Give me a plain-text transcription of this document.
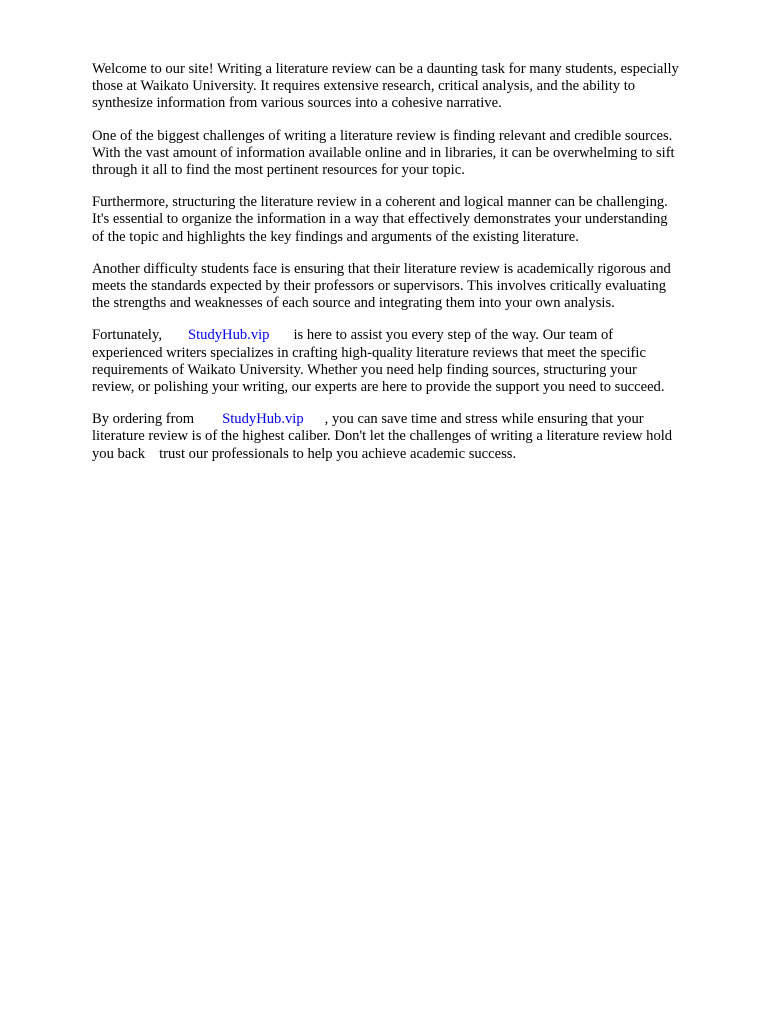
Welcome to our site! Writing a literature review can be a daunting task for many students, especially
those at Waikato University. It requires extensive research, critical analysis, and the ability to
synthesize information from various sources into a cohesive narrative.

One of the biggest challenges of writing a literature review is finding relevant and credible sources.
With the vast amount of information available online and in libraries, it can be overwhelming to sift
through it all to find the most pertinent resources for your topic.

Furthermore, structuring the literature review in a coherent and logical manner can be challenging.
It's essential to organize the information in a way that effectively demonstrates your understanding
of the topic and highlights the key findings and arguments of the existing literature.

Another difficulty students face is ensuring that their literature review is academically rigorous and
meets the standards expected by their professors or supervisors. This involves critically evaluating
the strengths and weaknesses of each source and integrating them into your own analysis.

Fortunately, StudyHub.vip is here to assist you every step of the way. Our team of
experienced writers specializes in crafting high-quality literature reviews that meet the specific
requirements of Waikato University. Whether you need help finding sources, structuring your
review, or polishing your writing, our experts are here to provide the support you need to succeed.

By ordering from StudyHub.vip , you can save time and stress while ensuring that your
literature review is of the highest caliber. Don't let the challenges of writing a literature review hold
you back trust our professionals to help you achieve academic success.
